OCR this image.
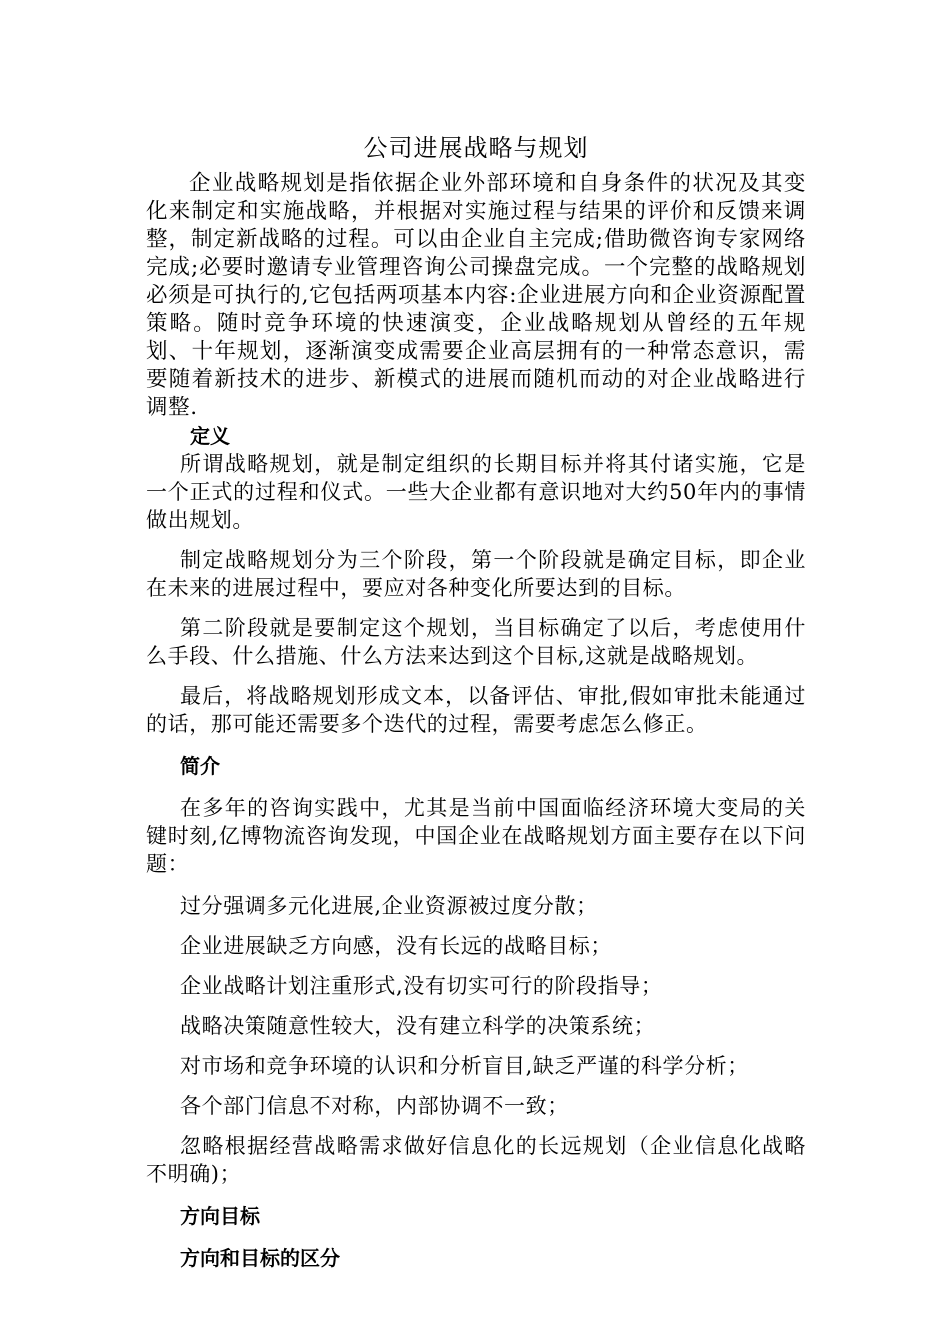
公司进展战略与规划

企业战略规划是指依据企业外部环境和自身条件的状况及其变化来制定和实施战略，并根据对实施过程与结果的评价和反馈来调整，制定新战略的过程。可以由企业自主完成;借助微咨询专家网络完成;必要时邀请专业管理咨询公司操盘完成。一个完整的战略规划必须是可执行的,它包括两项基本内容:企业进展方向和企业资源配置策略。随时竞争环境的快速演变，企业战略规划从曾经的五年规划、十年规划，逐渐演变成需要企业高层拥有的一种常态意识，需要随着新技术的进步、新模式的进展而随机而动的对企业战略进行调整.

定义

所谓战略规划，就是制定组织的长期目标并将其付诸实施，它是一个正式的过程和仪式。一些大企业都有意识地对大约50年内的事情做出规划。

制定战略规划分为三个阶段，第一个阶段就是确定目标，即企业在未来的进展过程中，要应对各种变化所要达到的目标。

第二阶段就是要制定这个规划，当目标确定了以后，考虑使用什么手段、什么措施、什么方法来达到这个目标,这就是战略规划。

最后，将战略规划形成文本，以备评估、审批,假如审批未能通过的话，那可能还需要多个迭代的过程，需要考虑怎么修正。

简介

在多年的咨询实践中，尤其是当前中国面临经济环境大变局的关键时刻,亿博物流咨询发现，中国企业在战略规划方面主要存在以下问题：

过分强调多元化进展,企业资源被过度分散；

企业进展缺乏方向感，没有长远的战略目标；

企业战略计划注重形式,没有切实可行的阶段指导；

战略决策随意性较大，没有建立科学的决策系统；

对市场和竞争环境的认识和分析盲目,缺乏严谨的科学分析；

各个部门信息不对称，内部协调不一致；

忽略根据经营战略需求做好信息化的长远规划（企业信息化战略不明确)；

方向目标
方向和目标的区分
